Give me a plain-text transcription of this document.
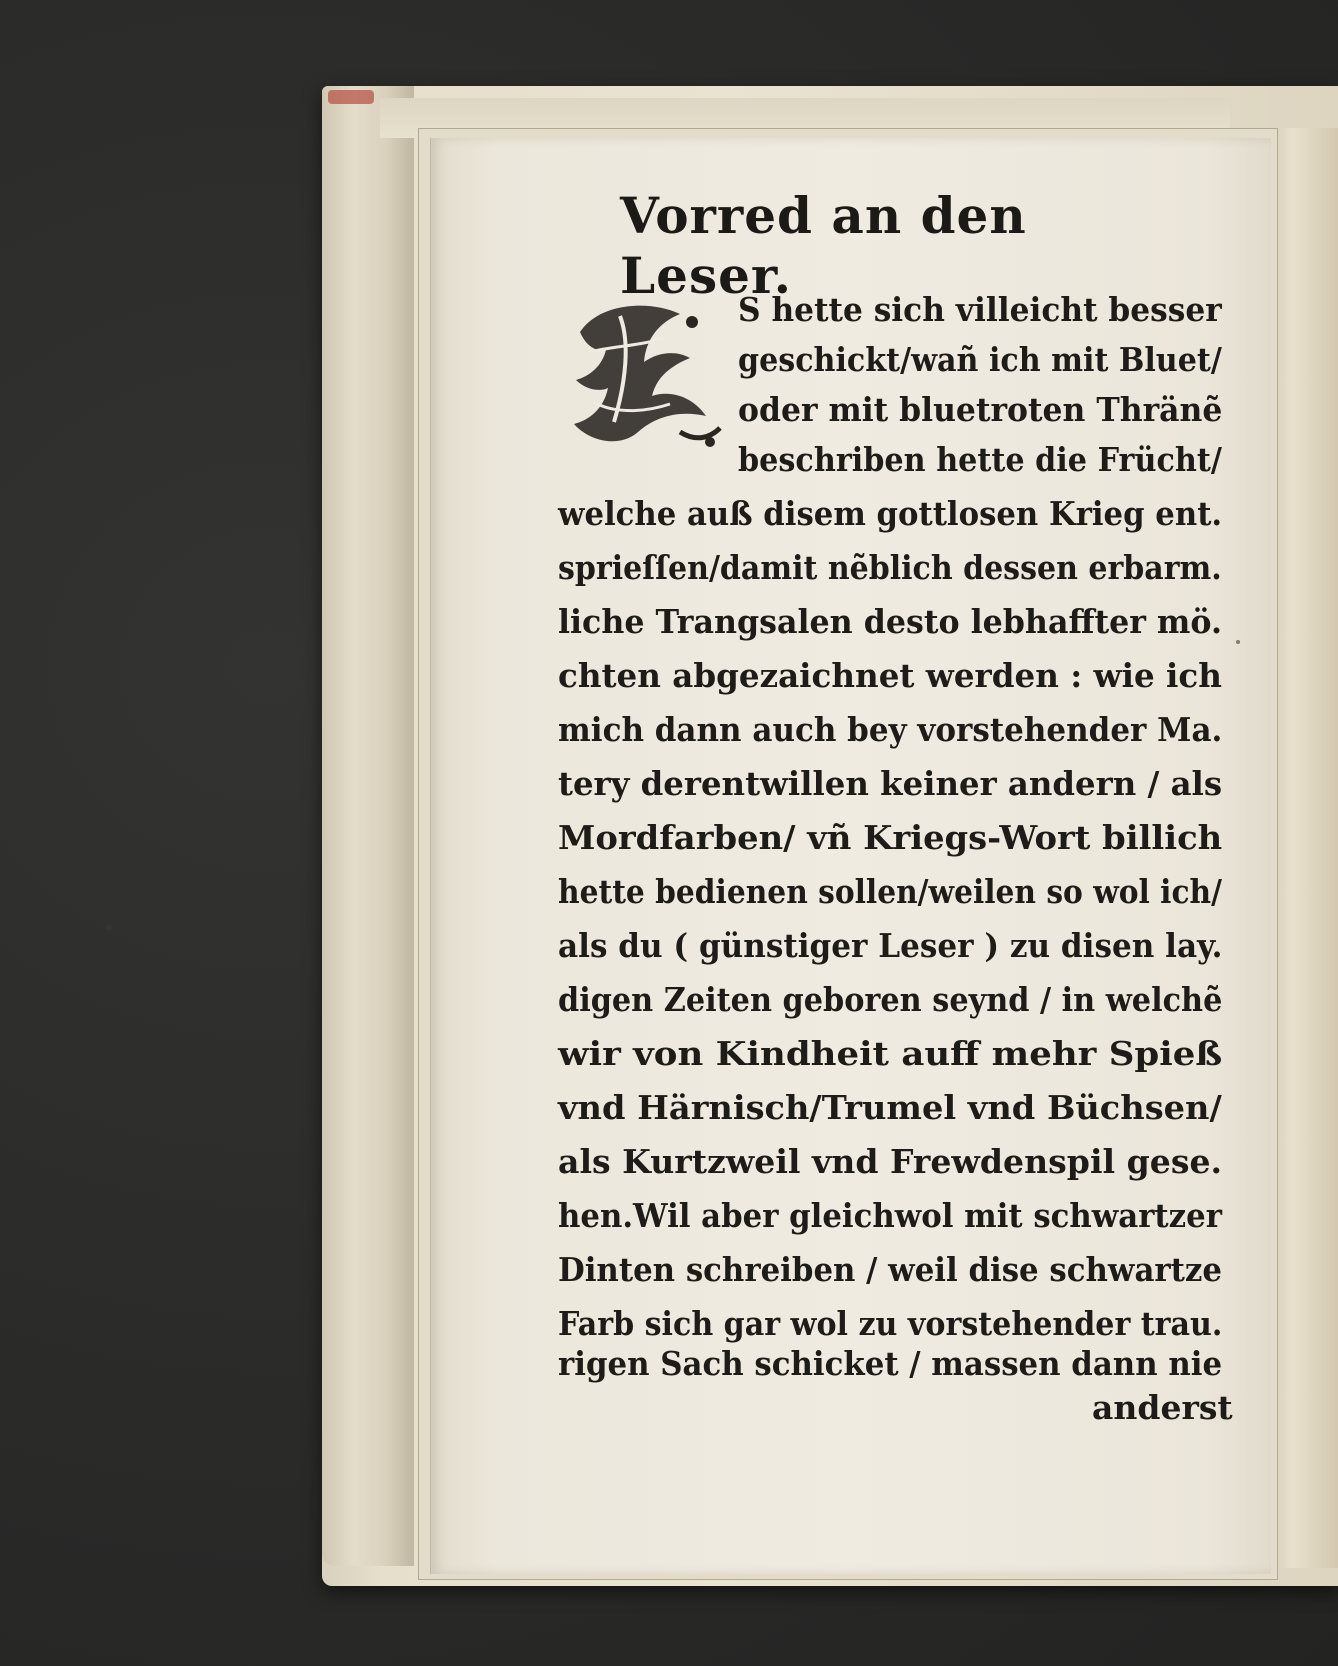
Vorred an den Leser.

S hette sich villeicht besser

geschickt/wañ ich mit Bluet/

oder mit bluetroten Thränẽ

beschriben hette die Frücht/

welche auß disem gottlosen Krieg ent.

sprieſſen/damit nẽblich dessen erbarm.

liche Trangsalen desto lebhaffter mö.

chten abgezaichnet werden : wie ich

mich dann auch bey vorstehender Ma.

tery derentwillen keiner andern / als

Mordfarben/ vñ Kriegs-Wort billich

hette bedienen sollen/weilen so wol ich/

als du ( günstiger Leser ) zu disen lay.

digen Zeiten geboren seynd / in welchẽ

wir von Kindheit auff mehr Spieß

vnd Härnisch/Trumel vnd Büchsen/

als Kurtzweil vnd Frewdenspil gese.

hen.Wil aber gleichwol mit schwartzer

Dinten schreiben / weil dise schwartze

Farb sich gar wol zu vorstehender trau.

rigen Sach schicket / massen dann nie

anderst
